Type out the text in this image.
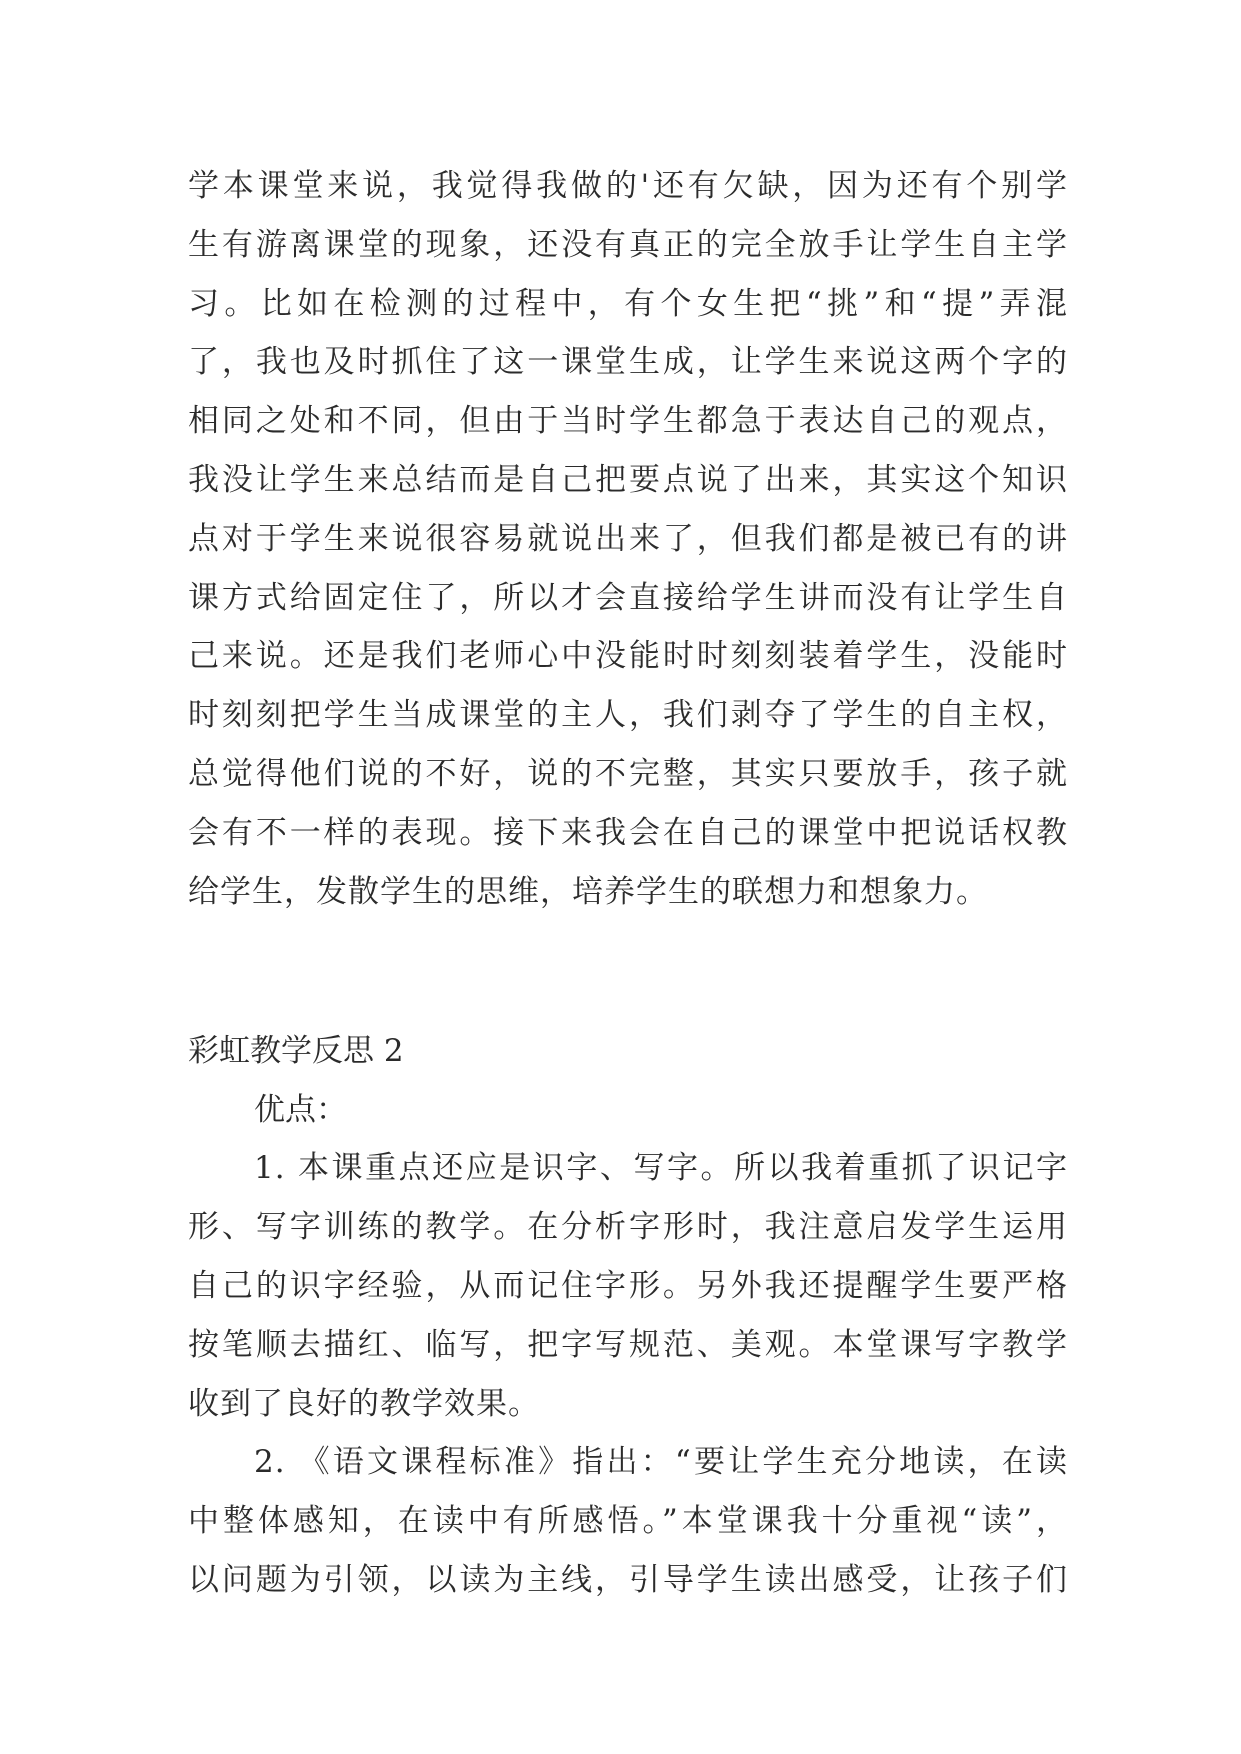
学本课堂来说，我觉得我做的'还有欠缺，因为还有个别学
生有游离课堂的现象，还没有真正的完全放手让学生自主学
习。比如在检测的过程中，有个女生把“挑”和“提”弄混
了，我也及时抓住了这一课堂生成，让学生来说这两个字的
相同之处和不同，但由于当时学生都急于表达自己的观点，
我没让学生来总结而是自己把要点说了出来，其实这个知识
点对于学生来说很容易就说出来了，但我们都是被已有的讲
课方式给固定住了，所以才会直接给学生讲而没有让学生自
己来说。还是我们老师心中没能时时刻刻装着学生，没能时
时刻刻把学生当成课堂的主人，我们剥夺了学生的自主权，
总觉得他们说的不好，说的不完整，其实只要放手，孩子就
会有不一样的表现。接下来我会在自己的课堂中把说话权教
给学生，发散学生的思维，培养学生的联想力和想象力。
彩虹教学反思 2
优点：
1. 本课重点还应是识字、写字。所以我着重抓了识记字
形、写字训练的教学。在分析字形时，我注意启发学生运用
自己的识字经验，从而记住字形。另外我还提醒学生要严格
按笔顺去描红、临写，把字写规范、美观。本堂课写字教学
收到了良好的教学效果。
2. 《语文课程标准》指出：“要让学生充分地读，在读
中整体感知，在读中有所感悟。”本堂课我十分重视“读”，
以问题为引领，以读为主线，引导学生读出感受，让孩子们
